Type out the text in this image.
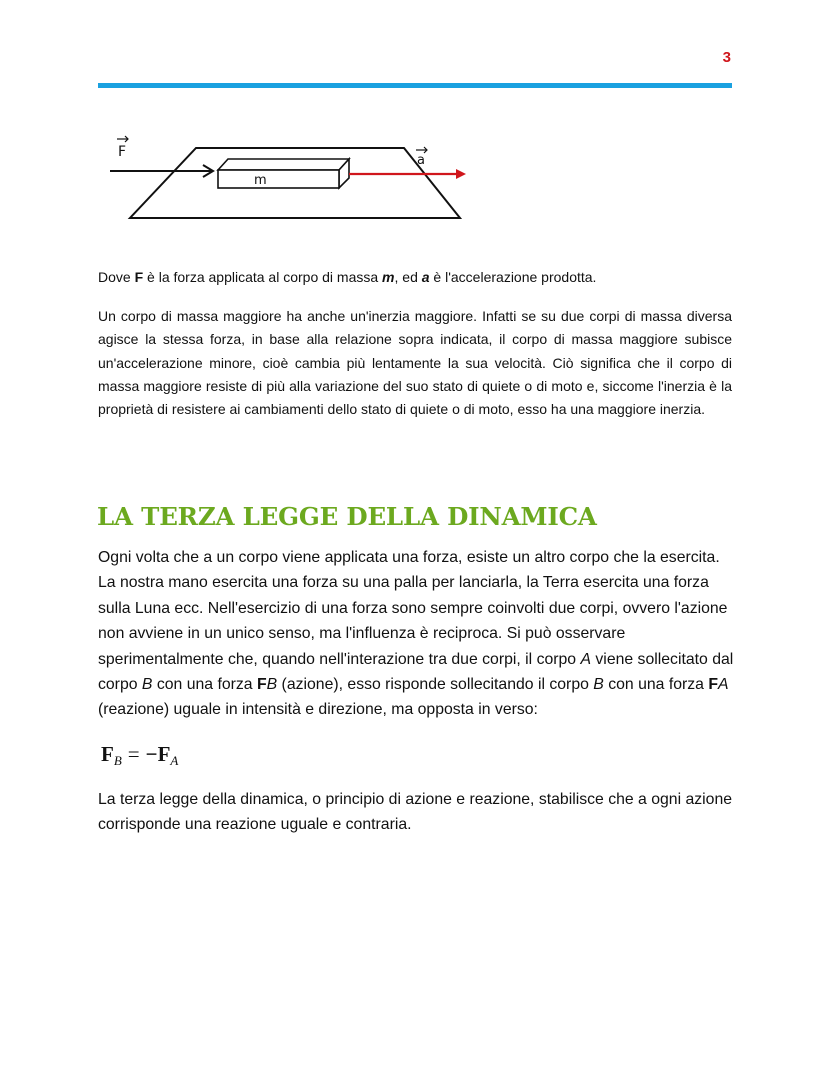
3
m
F
a
Dove F è la forza applicata al corpo di massa m, ed a è l'accelerazione prodotta.

Un corpo di massa maggiore ha anche un'inerzia maggiore. Infatti se su due corpi di massa diversa agisce la stessa forza, in base alla relazione sopra indicata, il corpo di massa maggiore subisce un'accelerazione minore, cioè cambia più lentamente la sua velocità. Ciò significa che il corpo di massa maggiore resiste di più alla variazione del suo stato di quiete o di moto e, siccome l'inerzia è la proprietà di resistere ai cambiamenti dello stato di quiete o di moto, esso ha una maggiore inerzia.

LA TERZA LEGGE DELLA DINAMICA

Ogni volta che a un corpo viene applicata una forza, esiste un altro corpo che la esercita. La nostra mano esercita una forza su una palla per lanciarla, la Terra esercita una forza sulla Luna ecc. Nell'esercizio di una forza sono sempre coinvolti due corpi, ovvero l'azione non avviene in un unico senso, ma l'influenza è reciproca. Si può osservare sperimentalmente che, quando nell'interazione tra due corpi, il corpo A viene sollecitato dal corpo B con una forza FB (azione), esso risponde sollecitando il corpo B con una forza FA (reazione) uguale in intensità e direzione, ma opposta in verso:

FB = −FA

La terza legge della dinamica, o principio di azione e reazione, stabilisce che a ogni azione corrisponde una reazione uguale e contraria.
